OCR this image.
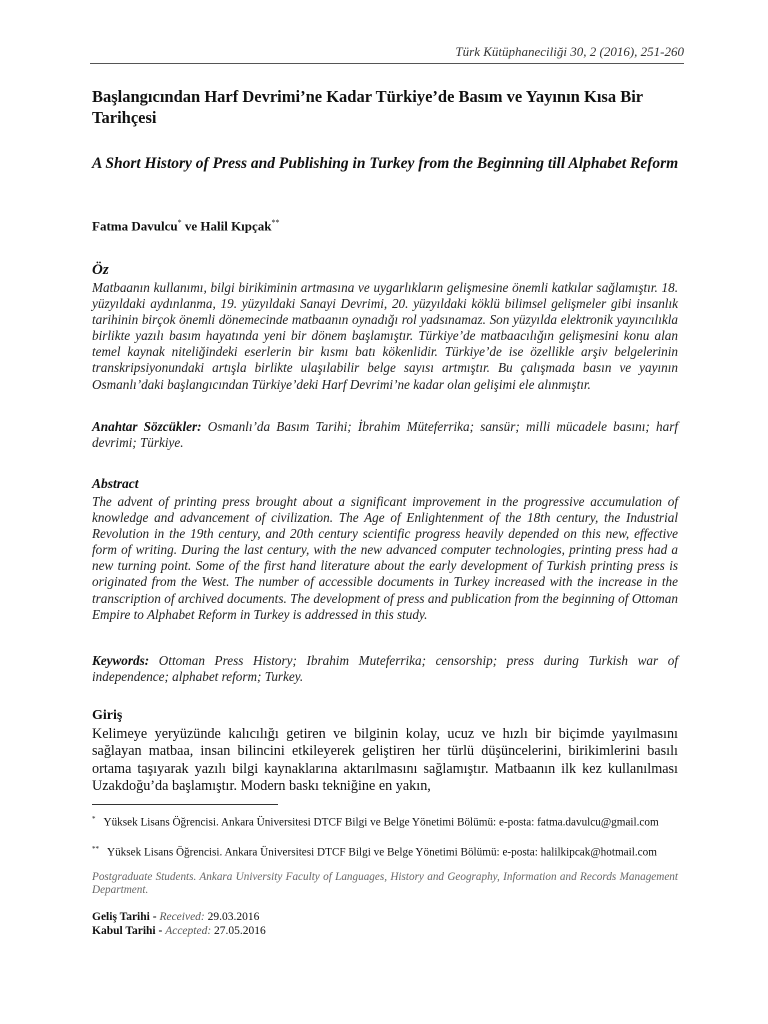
Türk Kütüphaneciliği 30, 2 (2016), 251-260
Başlangıcından Harf Devrimi’ne Kadar Türkiye’de Basım ve Yayının Kısa Bir Tarihçesi
A Short History of Press and Publishing in Turkey from the Beginning till Alphabet Reform
Fatma Davulcu* ve Halil Kıpçak**
Öz
Matbaanın kullanımı, bilgi birikiminin artmasına ve uygarlıkların gelişmesine önemli katkılar sağlamıştır. 18. yüzyıldaki aydınlanma, 19. yüzyıldaki Sanayi Devrimi, 20. yüzyıldaki köklü bilimsel gelişmeler gibi insanlık tarihinin birçok önemli dönemecinde matbaanın oynadığı rol yadsınamaz. Son yüzyılda elektronik yayıncılıkla birlikte yazılı basım hayatında yeni bir dönem başlamıştır. Türkiye’de matbaacılığın gelişmesini konu alan temel kaynak niteliğindeki eserlerin bir kısmı batı kökenlidir. Türkiye’de ise özellikle arşiv belgelerinin transkripsiyonundaki artışla birlikte ulaşılabilir belge sayısı artmıştır. Bu çalışmada basın ve yayının Osmanlı’daki başlangıcından Türkiye’deki Harf Devrimi’ne kadar olan gelişimi ele alınmıştır.
Anahtar Sözcükler: Osmanlı’da Basım Tarihi; İbrahim Müteferrika; sansür; milli mücadele basını; harf devrimi; Türkiye.
Abstract

The advent of printing press brought about a significant improvement in the progressive accumulation of knowledge and advancement of civilization. The Age of Enlightenment of the 18th century, the Industrial Revolution in the 19th century, and 20th century scientific progress heavily depended on this new, effective form of writing. During the last century, with the new advanced computer technologies, printing press had a new turning point. Some of the first hand literature about the early development of Turkish printing press is originated from the West. The number of accessible documents in Turkey increased with the increase in the transcription of archived documents. The development of press and publication from the beginning of Ottoman Empire to Alphabet Reform in Turkey is addressed in this study.

Keywords: Ottoman Press History; Ibrahim Muteferrika; censorship; press during Turkish war of independence; alphabet reform; Turkey.
Giriş
Kelimeye yeryüzünde kalıcılığı getiren ve bilginin kolay, ucuz ve hızlı bir biçimde yayılmasını sağlayan matbaa, insan bilincini etkileyerek geliştiren her türlü düşüncelerini, birikimlerini basılı ortama taşıyarak yazılı bilgi kaynaklarına aktarılmasını sağlamıştır. Matbaanın ilk kez kullanılması Uzakdoğu’da başlamıştır. Modern baskı tekniğine en yakın,
* Yüksek Lisans Öğrencisi. Ankara Üniversitesi DTCF Bilgi ve Belge Yönetimi Bölümü: e-posta: fatma.davulcu@gmail.com
** Yüksek Lisans Öğrencisi. Ankara Üniversitesi DTCF Bilgi ve Belge Yönetimi Bölümü: e-posta: halilkipcak@hotmail.com
Postgraduate Students. Ankara University Faculty of Languages, History and Geography, Information and Records Management Department.
Geliş Tarihi - Received: 29.03.2016
Kabul Tarihi - Accepted: 27.05.2016
